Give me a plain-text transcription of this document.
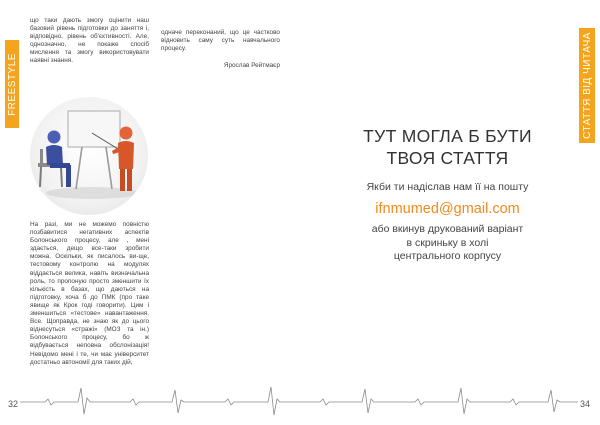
FREESTYLE

що таки дають змогу оцінити наш базовий рівень підготовки до заняття і, відповідно, рівень об'єктивності. Але, однозначно, не покаже спосіб мислення та змогу використовувати наявні знання.

На разі, ми не можемо повністю позбавитися негативних аспектів Болонського процесу, але , мені здається, дещо все-таки зробити можна. Оскільки, як писалось ви-ще, тестовому контролю на модулях віддається велика, навіть визначальна роль, то пропоную просто зменшити їх кількість в базах, що даються на підготовку, хоча б до ПМК (про таке явище як Крок годі говорити). Цим і зменшиться «тестове» навантаження. Все. Щоправда, не знаю як до цього віднесуться «стражі» (МОЗ та ін.) Болонського процесу, бо ж відбувається неповна обслонізація! Невідомо мені і те, чи має університет достатньо автономії для таких дій,

одначе переконаний, що це частково відновить саму суть навчального процесу.

Ярослав Рейтмаєр
32
СТАТТЯ ВІД ЧИТАЧА
ТУТ МОГЛА Б БУТИ
ТВОЯ СТАТТЯ
Якби ти надіслав нам її на пошту
ifnmumed@gmail.com
або вкинув друкований варіант
в скриньку в холі
центрального корпусу
34
